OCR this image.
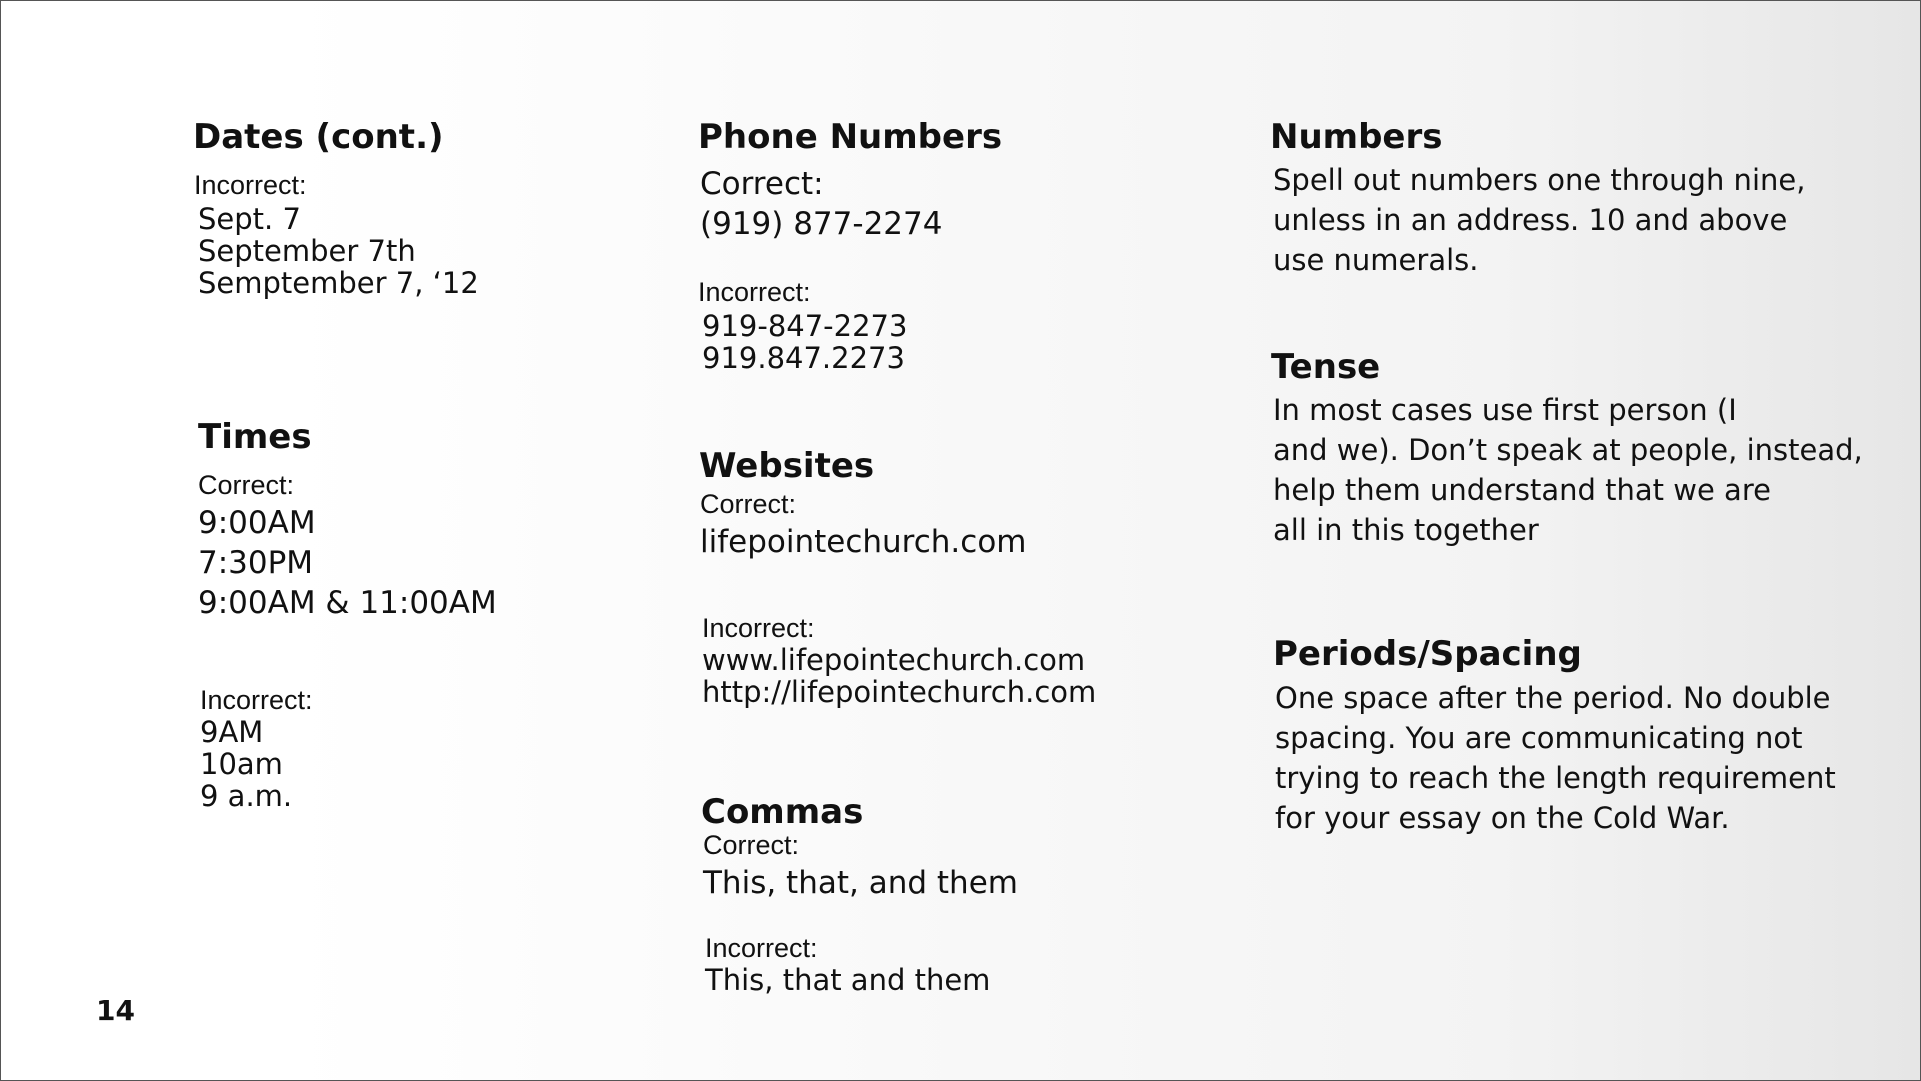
Dates (cont.)
Incorrect:
Sept. 7
September 7th
Semptember 7, ‘12
Times
Correct:
9:00AM
7:30PM
9:00AM & 11:00AM
Incorrect:
9AM
10am
9 a.m.
Phone Numbers
Correct:
(919) 877-2274
Incorrect:
919-847-2273
919.847.2273
Websites
Correct:
lifepointechurch.com
Incorrect:
www.lifepointechurch.com
http://lifepointechurch.com
Commas
Correct:
This, that, and them
Incorrect:
This, that and them
Numbers
Spell out numbers one through nine,
unless in an address. 10 and above
use numerals.
Tense
In most cases use first person (I
and we). Don’t speak at people, instead,
help them understand that we are
all in this together
Periods/Spacing
One space after the period. No double
spacing. You are communicating not
trying to reach the length requirement
for your essay on the Cold War.
14
